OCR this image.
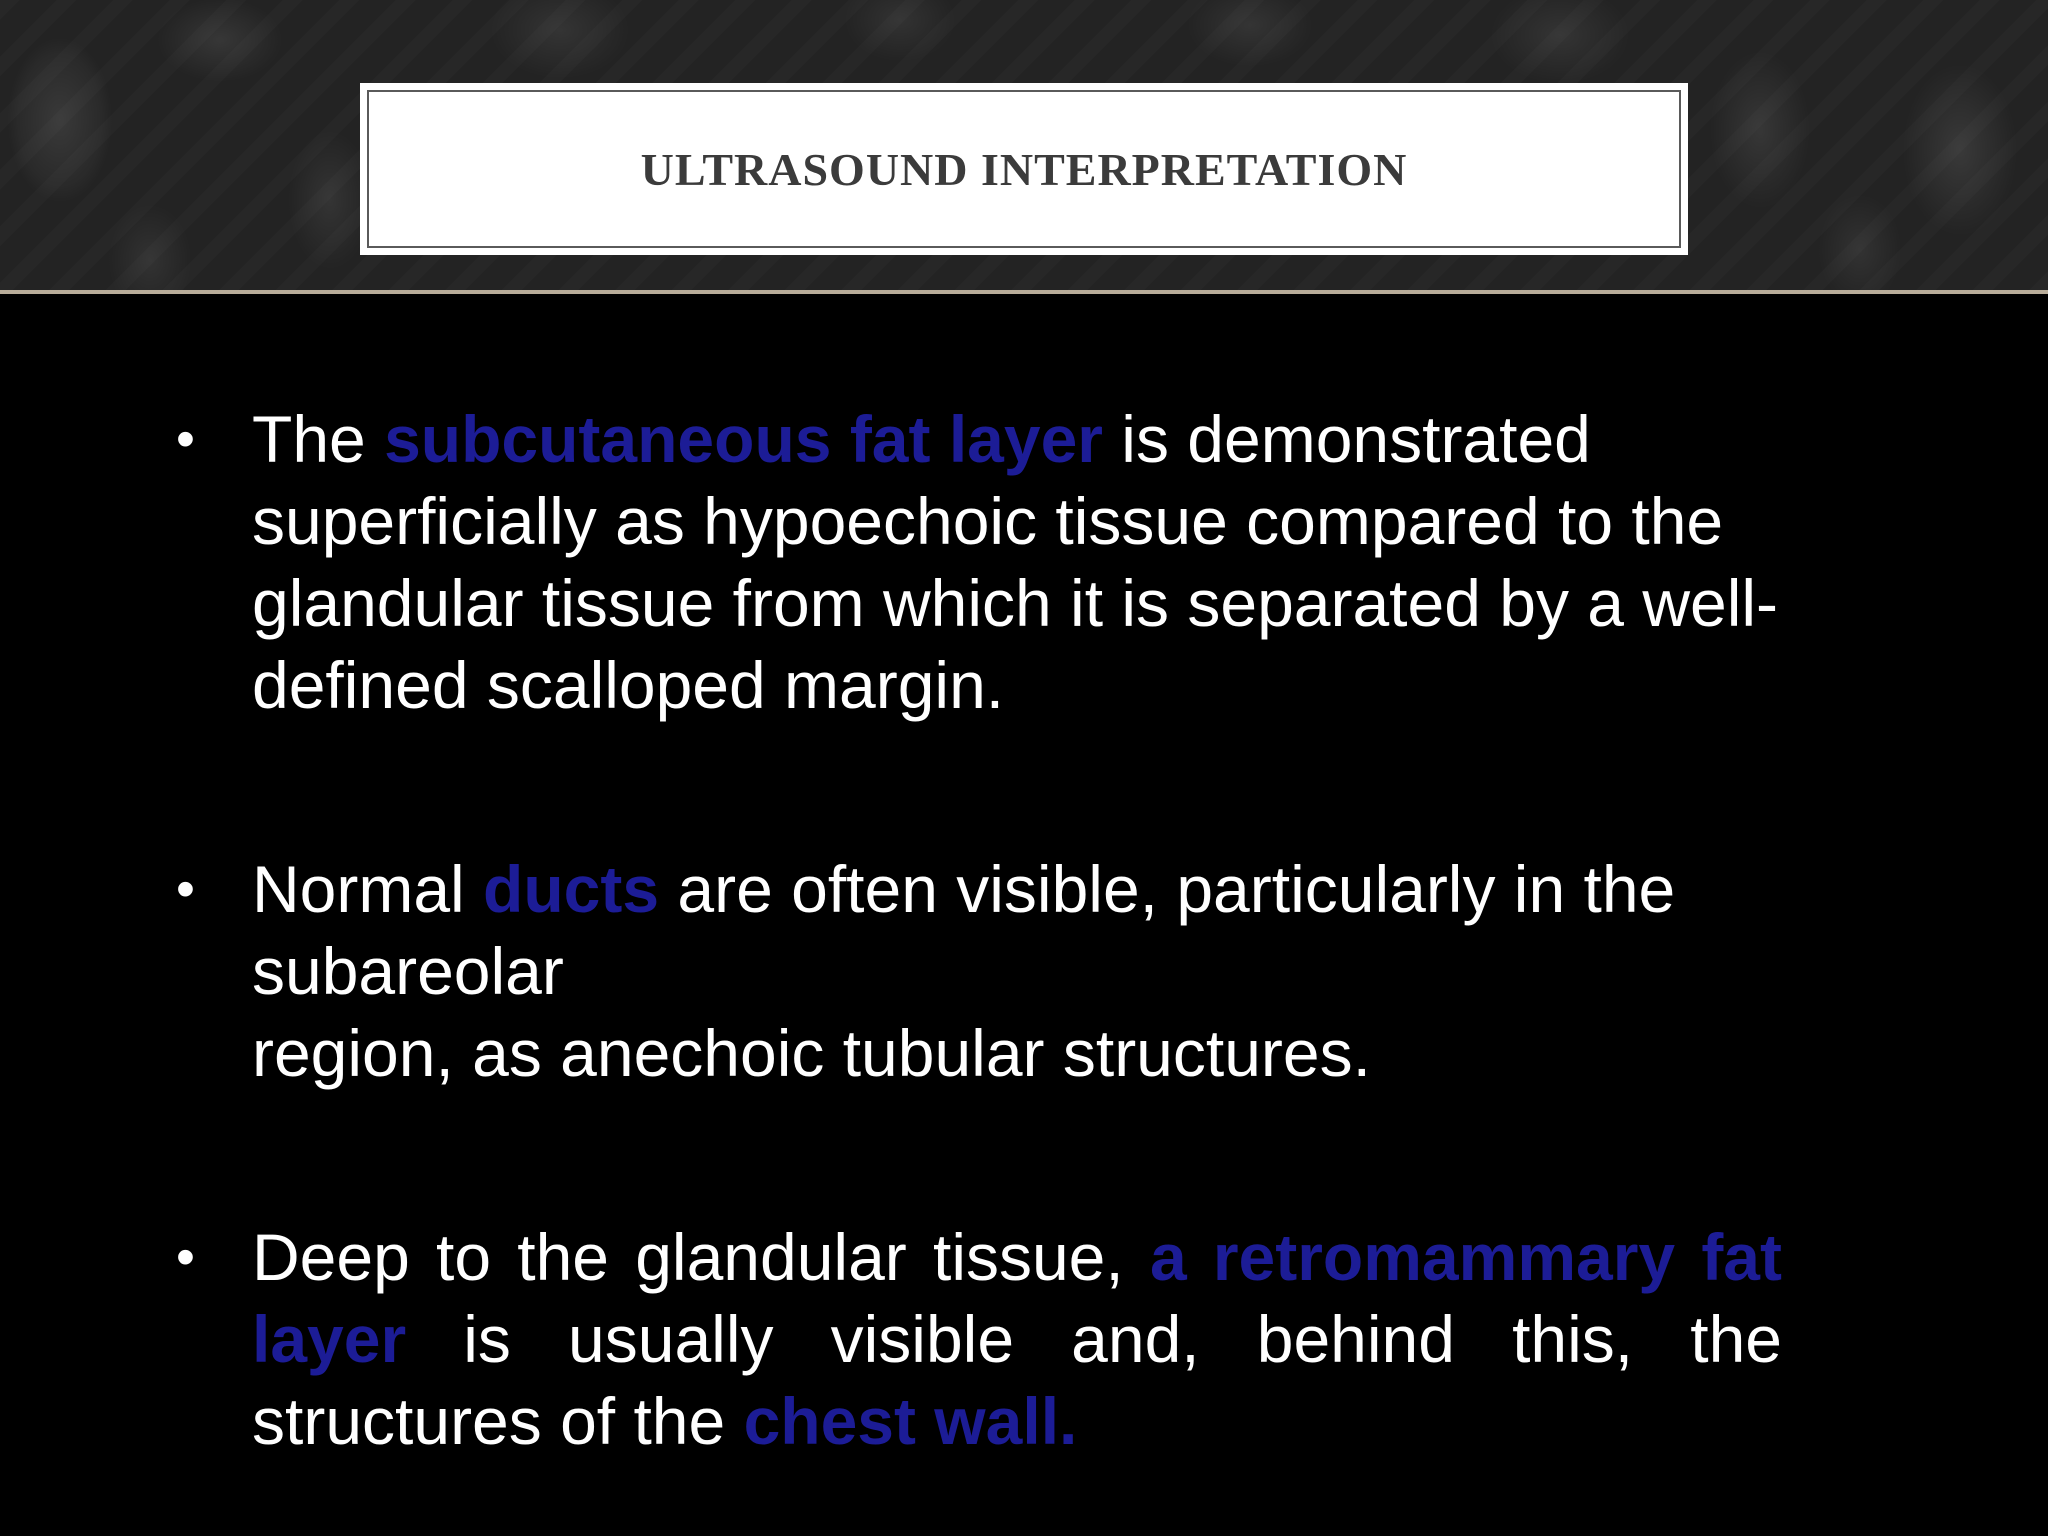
ULTRASOUND INTERPRETATION
• The subcutaneous fat layer is demonstrated superficially as hypoechoic tissue compared to the glandular tissue from which it is separated by a well-defined scalloped margin.
• Normal ducts are often visible, particularly in the subareolar
region, as anechoic tubular structures.
• Deep to the glandular tissue, a retromammary fat layer is usually visible and, behind this, the structures of the chest wall.
